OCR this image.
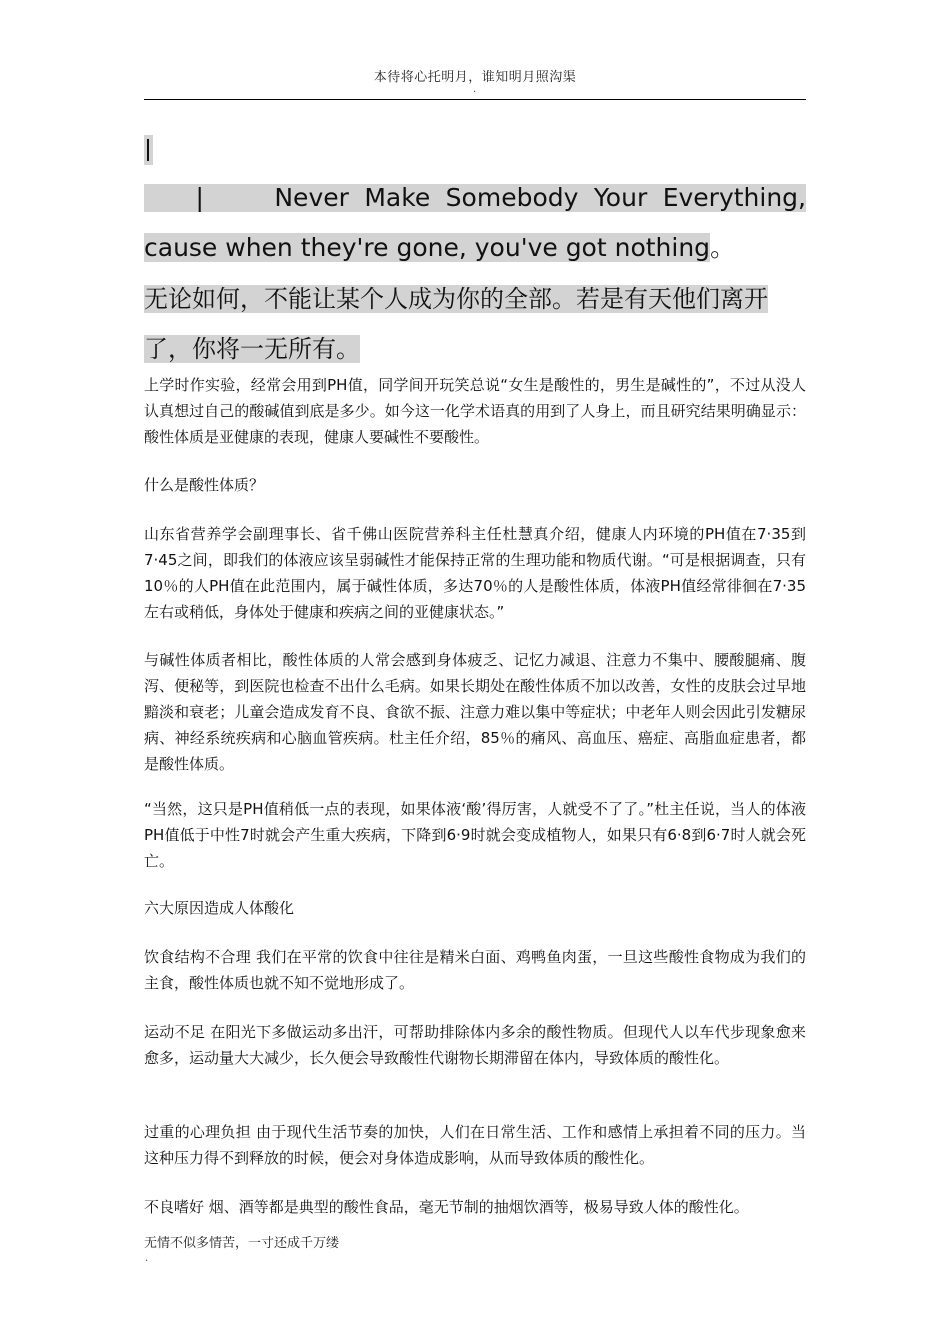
本待将心托明月，谁知明月照沟渠
.
|	Never Make Somebody Your Everything,
cause when they're gone, you've got nothing。
无论如何，不能让某个人成为你的全部。若是有天他们离开
了，你将一无所有。

上学时作实验，经常会用到PH值，同学间开玩笑总说“女生是酸性的，男生是碱性的”，不过从没人认真想过自己的酸碱值到底是多少。如今这一化学术语真的用到了人身上，而且研究结果明确显示：酸性体质是亚健康的表现，健康人要碱性不要酸性。

什么是酸性体质？

山东省营养学会副理事长、省千佛山医院营养科主任杜慧真介绍，健康人内环境的PH值在7·35到7·45之间，即我们的体液应该呈弱碱性才能保持正常的生理功能和物质代谢。“可是根据调查，只有10％的人PH值在此范围内，属于碱性体质，多达70％的人是酸性体质，体液PH值经常徘徊在7·35左右或稍低，身体处于健康和疾病之间的亚健康状态。”

与碱性体质者相比，酸性体质的人常会感到身体疲乏、记忆力减退、注意力不集中、腰酸腿痛、腹泻、便秘等，到医院也检查不出什么毛病。如果长期处在酸性体质不加以改善，女性的皮肤会过早地黯淡和衰老；儿童会造成发育不良、食欲不振、注意力难以集中等症状；中老年人则会因此引发糖尿病、神经系统疾病和心脑血管疾病。杜主任介绍，85％的痛风、高血压、癌症、高脂血症患者，都是酸性体质。

“当然，这只是PH值稍低一点的表现，如果体液‘酸’得厉害，人就受不了了。”杜主任说，当人的体液PH值低于中性7时就会产生重大疾病，下降到6·9时就会变成植物人，如果只有6·8到6·7时人就会死亡。

六大原因造成人体酸化

饮食结构不合理 我们在平常的饮食中往往是精米白面、鸡鸭鱼肉蛋，一旦这些酸性食物成为我们的主食，酸性体质也就不知不觉地形成了。

运动不足 在阳光下多做运动多出汗，可帮助排除体内多余的酸性物质。但现代人以车代步现象愈来愈多，运动量大大减少，长久便会导致酸性代谢物长期滞留在体内，导致体质的酸性化。

过重的心理负担 由于现代生活节奏的加快，人们在日常生活、工作和感情上承担着不同的压力。当这种压力得不到释放的时候，便会对身体造成影响，从而导致体质的酸性化。

不良嗜好 烟、酒等都是典型的酸性食品，毫无节制的抽烟饮酒等，极易导致人体的酸性化。

无情不似多情苦，一寸还成千万缕
.
